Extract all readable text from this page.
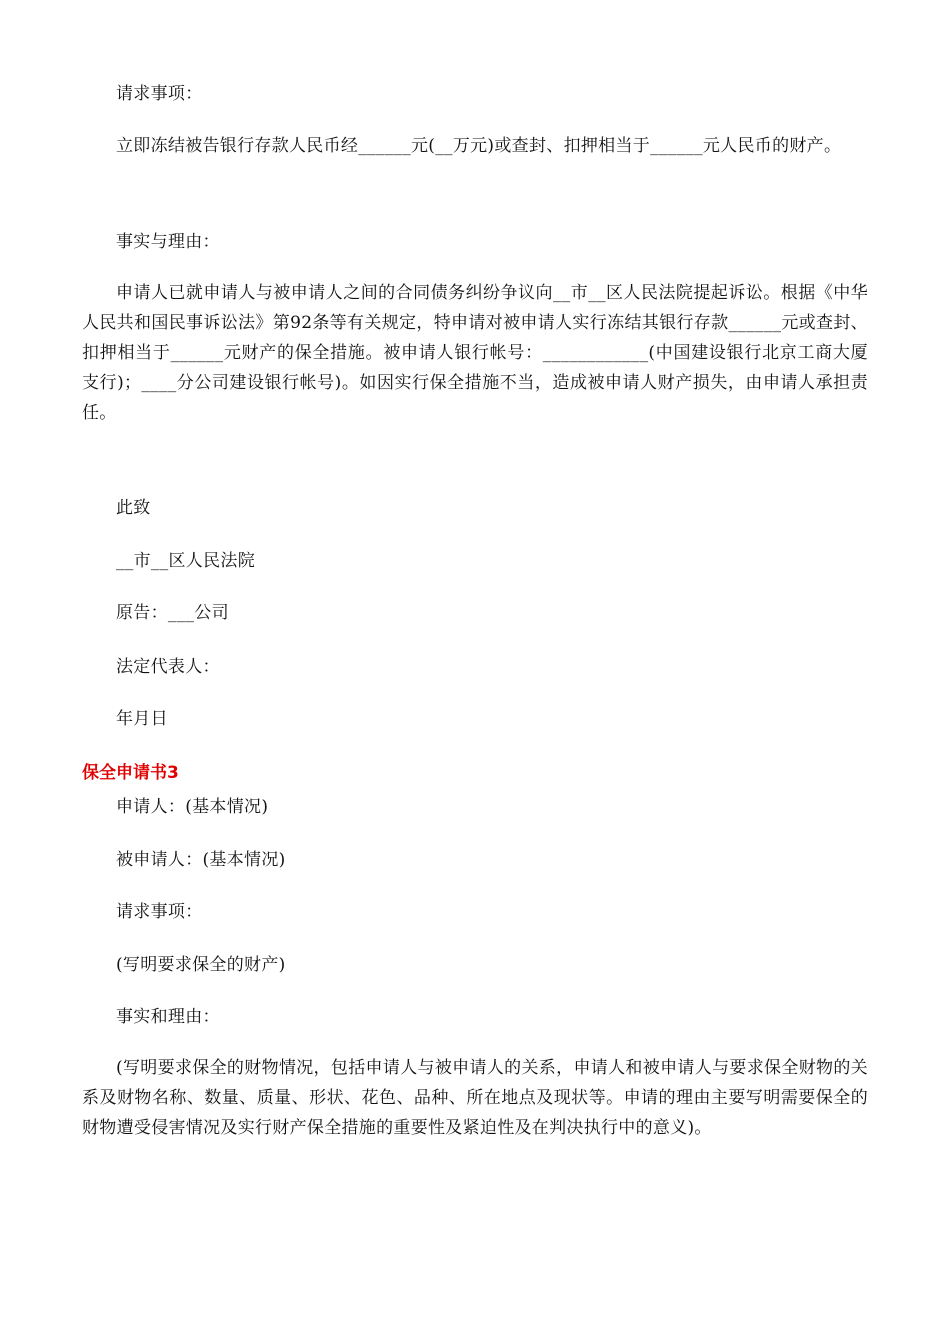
请求事项：

立即冻结被告银行存款人民币经______元(__万元)或查封、扣押相当于______元人民币的财产。

事实与理由：

申请人已就申请人与被申请人之间的合同债务纠纷争议向__市__区人民法院提起诉讼。根据《中华人民共和国民事诉讼法》第92条等有关规定，特申请对被申请人实行冻结其银行存款______元或查封、扣押相当于______元财产的保全措施。被申请人银行帐号：____________(中国建设银行北京工商大厦支行)；____分公司建设银行帐号)。如因实行保全措施不当，造成被申请人财产损失，由申请人承担责任。

此致

__市__区人民法院

原告：___公司

法定代表人：

年月日

保全申请书3

申请人：(基本情况)

被申请人：(基本情况)

请求事项：

(写明要求保全的财产)

事实和理由：

(写明要求保全的财物情况，包括申请人与被申请人的关系，申请人和被申请人与要求保全财物的关系及财物名称、数量、质量、形状、花色、品种、所在地点及现状等。申请的理由主要写明需要保全的财物遭受侵害情况及实行财产保全措施的重要性及紧迫性及在判决执行中的意义)。
